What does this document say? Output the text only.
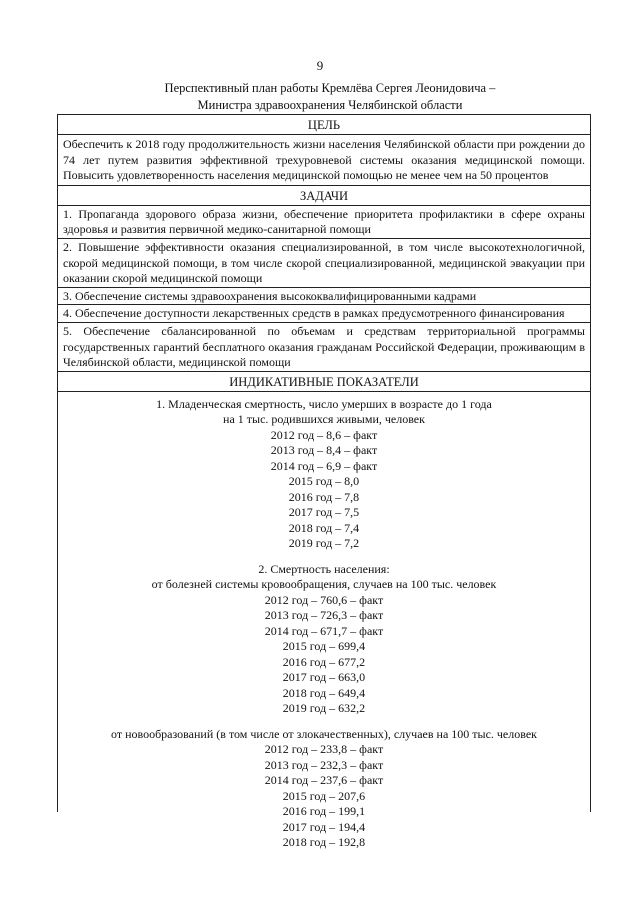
9
Перспективный план работы Кремлёва Сергея Леонидовича –
Министра здравоохранения Челябинской области
ЦЕЛЬ
Обеспечить к 2018 году продолжительность жизни населения Челябинской области при рождении до 74 лет путем развития эффективной трехуровневой системы оказания медицинской помощи. Повысить удовлетворенность населения медицинской помощью не менее чем на 50 процентов
ЗАДАЧИ
1. Пропаганда здорового образа жизни, обеспечение приоритета профилактики в сфере охраны здоровья и развития первичной медико-санитарной помощи
2. Повышение эффективности оказания специализированной, в том числе высокотехнологичной, скорой медицинской помощи, в том числе скорой специализированной, медицинской эвакуации при оказании скорой медицинской помощи
3. Обеспечение системы здравоохранения высококвалифицированными кадрами
4. Обеспечение доступности лекарственных средств в рамках предусмотренного финансирования
5. Обеспечение сбалансированной по объемам и средствам территориальной программы государственных гарантий бесплатного оказания гражданам Российской Федерации, проживающим в Челябинской области, медицинской помощи
ИНДИКАТИВНЫЕ ПОКАЗАТЕЛИ
1. Младенческая смертность, число умерших в возрасте до 1 года
на 1 тыс. родившихся живыми, человек
2012 год – 8,6 – факт
2013 год – 8,4 – факт
2014 год – 6,9 – факт
2015 год – 8,0
2016 год – 7,8
2017 год – 7,5
2018 год – 7,4
2019 год – 7,2
2. Смертность населения:
от болезней системы кровообращения, случаев на 100 тыс. человек
2012 год – 760,6 – факт
2013 год – 726,3 – факт
2014 год – 671,7 – факт
2015 год – 699,4
2016 год – 677,2
2017 год – 663,0
2018 год – 649,4
2019 год – 632,2
от новообразований (в том числе от злокачественных), случаев на 100 тыс. человек
2012 год – 233,8 – факт
2013 год – 232,3 – факт
2014 год – 237,6 – факт
2015 год – 207,6
2016 год – 199,1
2017 год – 194,4
2018 год – 192,8
